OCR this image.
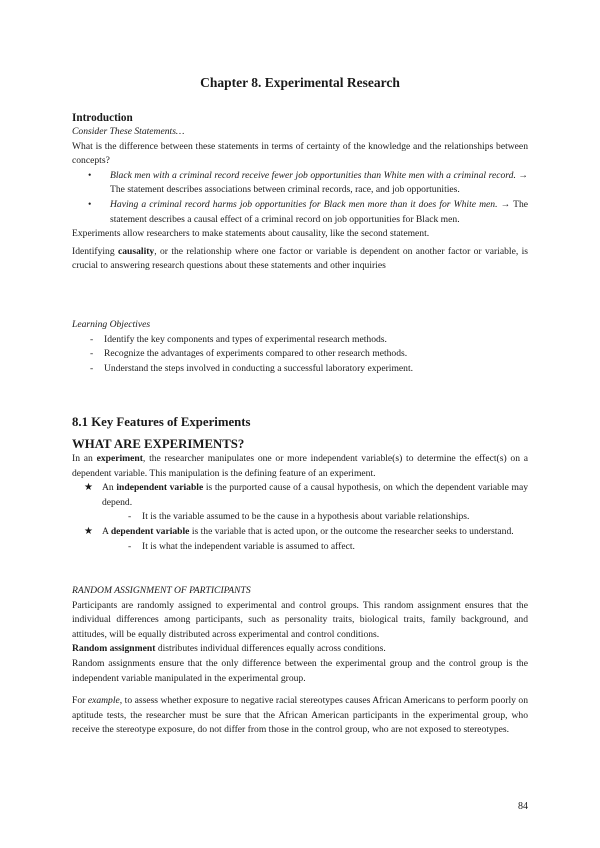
Chapter 8. Experimental Research
Introduction
Consider These Statements…

What is the difference between these statements in terms of certainty of the knowledge and the relationships between concepts?

• Black men with a criminal record receive fewer job opportunities than White men with a criminal record. → The statement describes associations between criminal records, race, and job opportunities.
• Having a criminal record harms job opportunities for Black men more than it does for White men. → The statement describes a causal effect of a criminal record on job opportunities for Black men.

Experiments allow researchers to make statements about causality, like the second statement.

Identifying causality, or the relationship where one factor or variable is dependent on another factor or variable, is crucial to answering research questions about these statements and other inquiries

Learning Objectives
- Identify the key components and types of experimental research methods.
- Recognize the advantages of experiments compared to other research methods.
- Understand the steps involved in conducting a successful laboratory experiment.
8.1 Key Features of Experiments
WHAT ARE EXPERIMENTS?

In an experiment, the researcher manipulates one or more independent variable(s) to determine the effect(s) on a dependent variable. This manipulation is the defining feature of an experiment.

★ An independent variable is the purported cause of a causal hypothesis, on which the dependent variable may depend.
- It is the variable assumed to be the cause in a hypothesis about variable relationships.
★ A dependent variable is the variable that is acted upon, or the outcome the researcher seeks to understand.
- It is what the independent variable is assumed to affect.
RANDOM ASSIGNMENT OF PARTICIPANTS

Participants are randomly assigned to experimental and control groups. This random assignment ensures that the individual differences among participants, such as personality traits, biological traits, family background, and attitudes, will be equally distributed across experimental and control conditions.

Random assignment distributes individual differences equally across conditions.

Random assignments ensure that the only difference between the experimental group and the control group is the independent variable manipulated in the experimental group.

For example, to assess whether exposure to negative racial stereotypes causes African Americans to perform poorly on aptitude tests, the researcher must be sure that the African American participants in the experimental group, who receive the stereotype exposure, do not differ from those in the control group, who are not exposed to stereotypes.

84
